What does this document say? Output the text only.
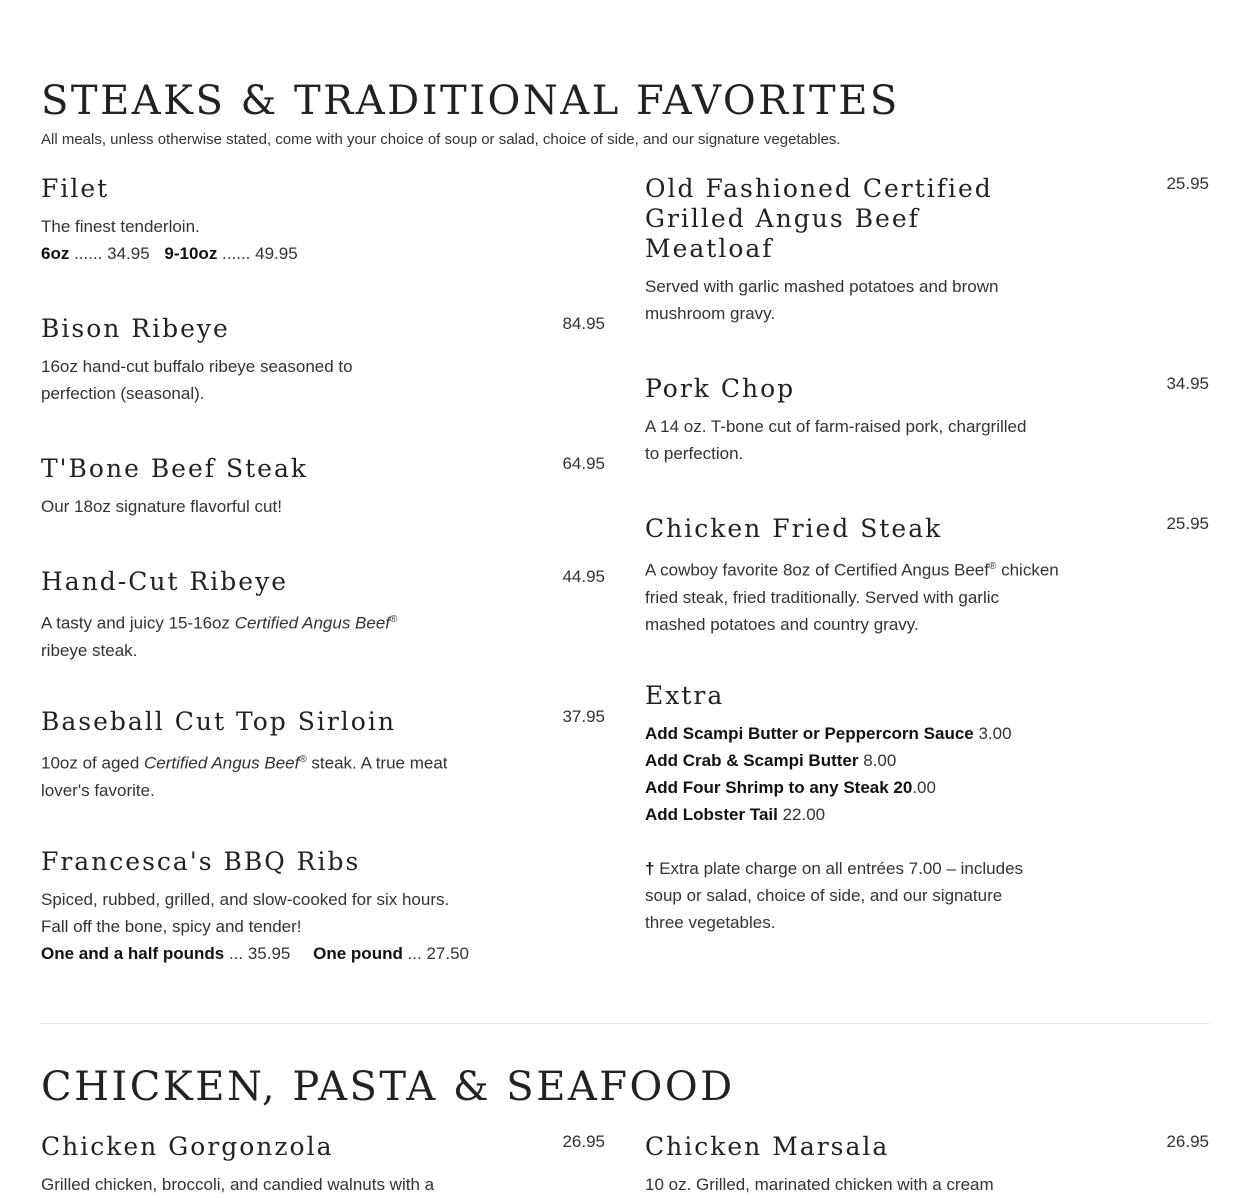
STEAKS & TRADITIONAL FAVORITES
All meals, unless otherwise stated, come with your choice of soup or salad, choice of side, and our signature vegetables.
Filet
The finest tenderloin.
6oz ...... 34.95 9-10oz ...... 49.95
Bison Ribeye	84.95
16oz hand-cut buffalo ribeye seasoned to
perfection (seasonal).
T'Bone Beef Steak	64.95
Our 18oz signature flavorful cut!
Hand-Cut Ribeye	44.95
A tasty and juicy 15-16oz Certified Angus Beef®
ribeye steak.
Baseball Cut Top Sirloin	37.95
10oz of aged Certified Angus Beef® steak. A true meat
lover's favorite.
Francesca's BBQ Ribs
Spiced, rubbed, grilled, and slow-cooked for six hours.
Fall off the bone, spicy and tender!
One and a half pounds ... 35.95 One pound ... 27.50
Old Fashioned Certified
Grilled Angus Beef
Meatloaf
25.95
Served with garlic mashed potatoes and brown
mushroom gravy.
Pork Chop	34.95
A 14 oz. T-bone cut of farm-raised pork, chargrilled
to perfection.
Chicken Fried Steak	25.95
A cowboy favorite 8oz of Certified Angus Beef® chicken
fried steak, fried traditionally. Served with garlic
mashed potatoes and country gravy.
Extra
Add Scampi Butter or Peppercorn Sauce 3.00
Add Crab & Scampi Butter 8.00
Add Four Shrimp to any Steak 20.00
Add Lobster Tail 22.00
† Extra plate charge on all entrées 7.00 – includes
soup or salad, choice of side, and our signature
three vegetables.
CHICKEN, PASTA & SEAFOOD
Chicken Gorgonzola	26.95
Grilled chicken, broccoli, and candied walnuts with a
Chicken Marsala	26.95
10 oz. Grilled, marinated chicken with a cream
